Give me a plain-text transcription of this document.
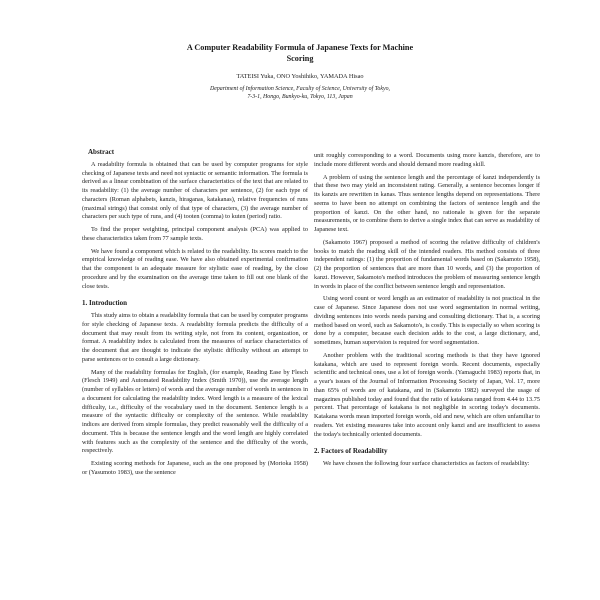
A Computer Readability Formula of Japanese Texts for Machine
Scoring
TATEISI Yuka, ONO Yoshihiko, YAMADA Hisao
Department of Information Science, Faculty of Science, University of Tokyo,
7-3-1, Hongo, Bunkyo-ku, Tokyo, 113, Japan
Abstract

A readability formula is obtained that can be used by computer programs for style checking of Japanese texts and need not syntactic or semantic information. The formula is derived as a linear combination of the surface characteristics of the text that are related to its readability: (1) the average number of characters per sentence, (2) for each type of characters (Roman alphabets, kanzis, hiraganas, katakanas), relative frequencies of runs (maximal strings) that consist only of that type of characters, (3) the average number of characters per such type of runs, and (4) tooten (comma) to kuten (period) ratio.

To find the proper weighting, principal component analysis (PCA) was applied to these characteristics taken from 77 sample texts.

We have found a component which is related to the readability. Its scores match to the empirical knowledge of reading ease. We have also obtained experimental confirmation that the component is an adequate measure for stylistic ease of reading, by the close procedure and by the examination on the average time taken to fill out one blank of the close tests.

1. Introduction

This study aims to obtain a readability formula that can be used by computer programs for style checking of Japanese texts. A readability formula predicts the difficulty of a document that may result from its writing style, not from its content, organization, or format. A readability index is calculated from the measures of surface characteristics of the document that are thought to indicate the stylistic difficulty without an attempt to parse sentences or to consult a large dictionary.

Many of the readability formulas for English, (for example, Reading Ease by Flesch (Flesch 1949) and Automated Readability Index (Smith 1970)), use the average length (number of syllables or letters) of words and the average number of words in sentences in a document for calculating the readability index. Word length is a measure of the lexical difficulty, i.e., difficulty of the vocabulary used in the document. Sentence length is a measure of the syntactic difficulty or complexity of the sentence. While readability indices are derived from simple formulas, they predict reasonably well the difficulty of a document. This is because the sentence length and the word length are highly correlated with features such as the complexity of the sentence and the difficulty of the words, respectively.

Existing scoring methods for Japanese, such as the one proposed by (Morioka 1958) or (Yasumoto 1983), use the sentence

unit roughly corresponding to a word. Documents using more kanzis, therefore, are to include more different words and should demand more reading skill.

A problem of using the sentence length and the percentage of kanzi independently is that these two may yield an inconsistent rating. Generally, a sentence becomes longer if its kanzis are rewritten in kanas. Thus sentence lengths depend on representations. There seems to have been no attempt on combining the factors of sentence length and the proportion of kanzi. On the other hand, no rationale is given for the separate measurements, or to combine them to derive a single index that can serve as readability of Japanese text.

(Sakamoto 1967) proposed a method of scoring the relative difficulty of children's books to match the reading skill of the intended readers. His method consists of three independent ratings: (1) the proportion of fundamental words based on (Sakamoto 1958), (2) the proportion of sentences that are more than 10 words, and (3) the proportion of kanzi. However, Sakamoto's method introduces the problem of measuring sentence length in words in place of the conflict between sentence length and representation.

Using word count or word length as an estimator of readability is not practical in the case of Japanese. Since Japanese does not use word segmentation in normal writing, dividing sentences into words needs parsing and consulting dictionary. That is, a scoring method based on word, such as Sakamoto's, is costly. This is especially so when scoring is done by a computer, because each decision adds to the cost, a large dictionary, and, sometimes, human supervision is required for word segmentation.

Another problem with the traditional scoring methods is that they have ignored katakana, which are used to represent foreign words. Recent documents, especially scientific and technical ones, use a lot of foreign words. (Yamaguchi 1983) reports that, in a year's issues of the Journal of Information Processing Society of Japan, Vol. 17, more than 65% of words are of katakana, and in (Sakamoto 1982) surveyed the usage of magazines published today and found that the ratio of katakana ranged from 4.44 to 13.75 percent. That percentage of katakana is not negligible in scoring today's documents. Katakana words mean imported foreign words, old and new, which are often unfamiliar to readers. Yet existing measures take into account only kanzi and are insufficient to assess the today's technically oriented documents.

2. Factors of Readability

We have chosen the following four surface characteristics as factors of readability:
